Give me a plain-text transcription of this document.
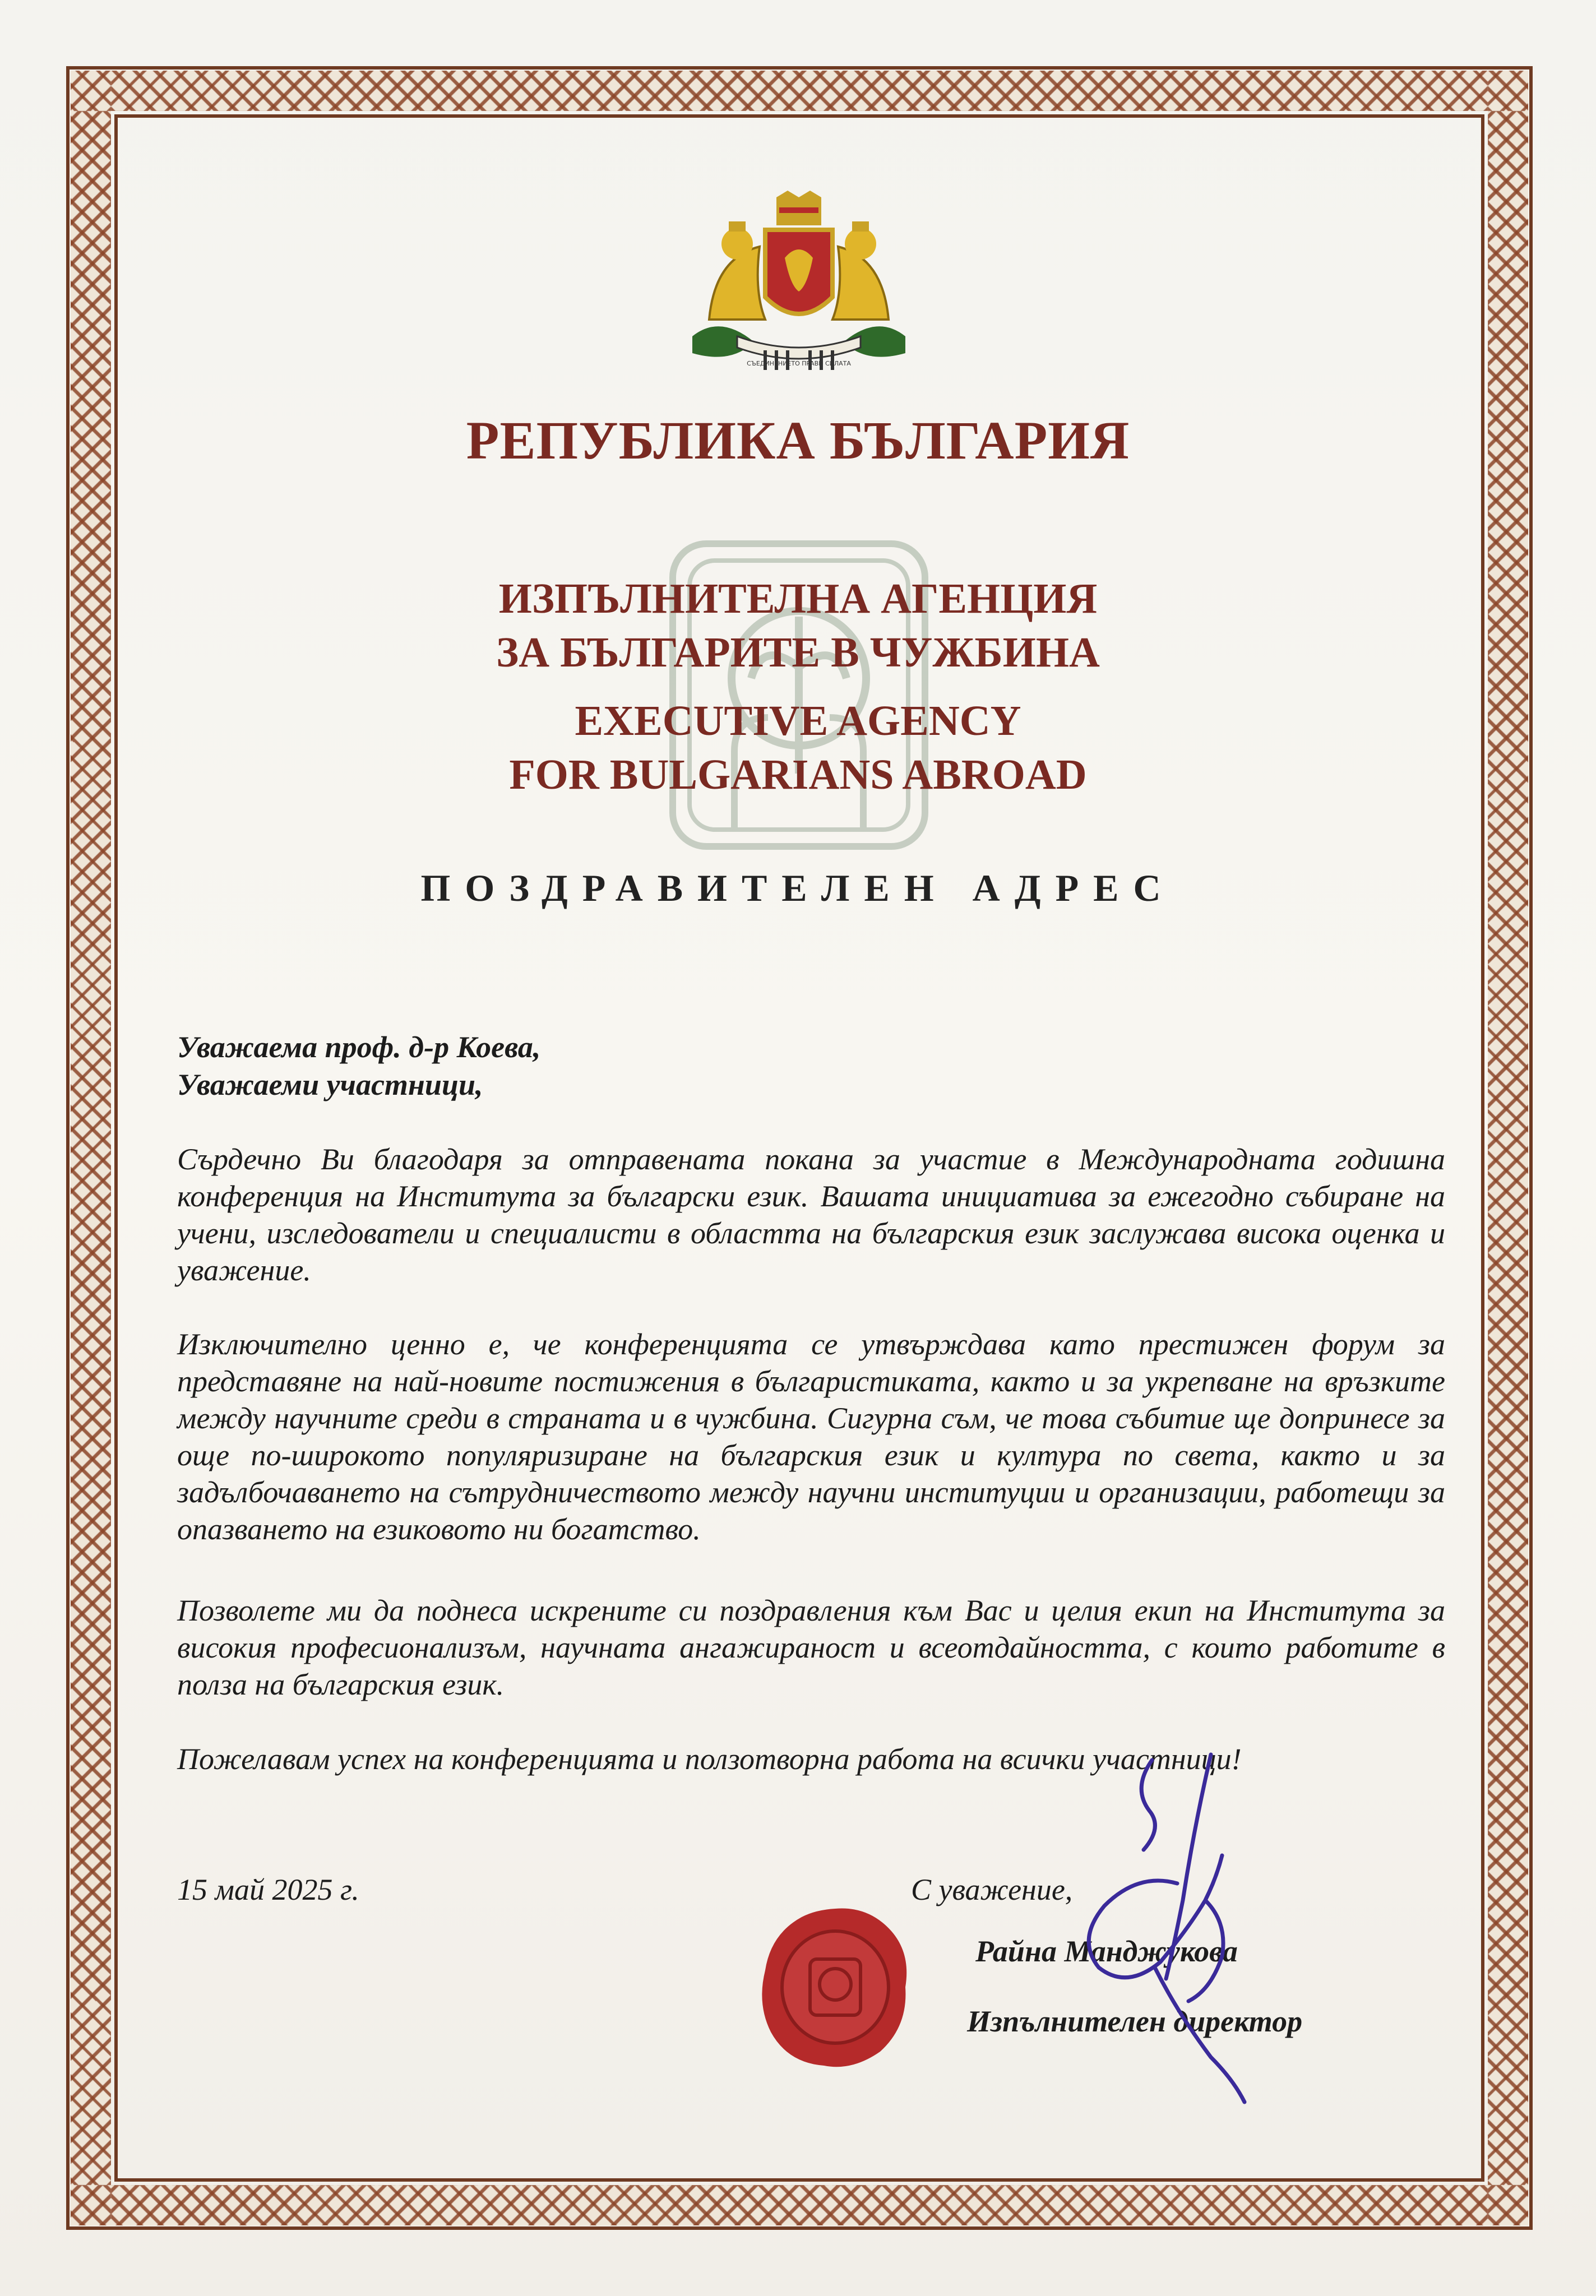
СЪЕДИНЕНИЕТО ПРАВИ СИЛАТА
РЕПУБЛИКА БЪЛГАРИЯ
ИЗПЪЛНИТЕЛНА АГЕНЦИЯ
ЗА БЪЛГАРИТЕ В ЧУЖБИНА
EXECUTIVE AGENCY
FOR BULGARIANS ABROAD
ПОЗДРАВИТЕЛЕН АДРЕС
Уважаема проф. д-р Коева,
Уважаеми участници,
Сърдечно Ви благодаря за отправената покана за участие в Международната годишна конференция на Института за български език. Вашата инициатива за ежегодно събиране на учени, изследователи и специалисти в областта на българския език заслужава висока оценка и уважение.
Изключително ценно е, че конференцията се утвърждава като престижен форум за представяне на най-новите постижения в българистиката, както и за укрепване на връзките между научните среди в страната и в чужбина. Сигурна съм, че това събитие ще допринесе за още по-широкото популяризиране на българския език и култура по света, както и за задълбочаването на сътрудничеството между научни институции и организации, работещи за опазването на езиковото ни богатство.
Позволете ми да поднеса искрените си поздравления към Вас и целия екип на Института за високия професионализъм, научната ангажираност и всеотдайността, с които работите в полза на българския език.
Пожелавам успех на конференцията и ползотворна работа на всички участници!
15 май 2025 г.	С уважение,
Райна Манджукова
Изпълнителен директор
